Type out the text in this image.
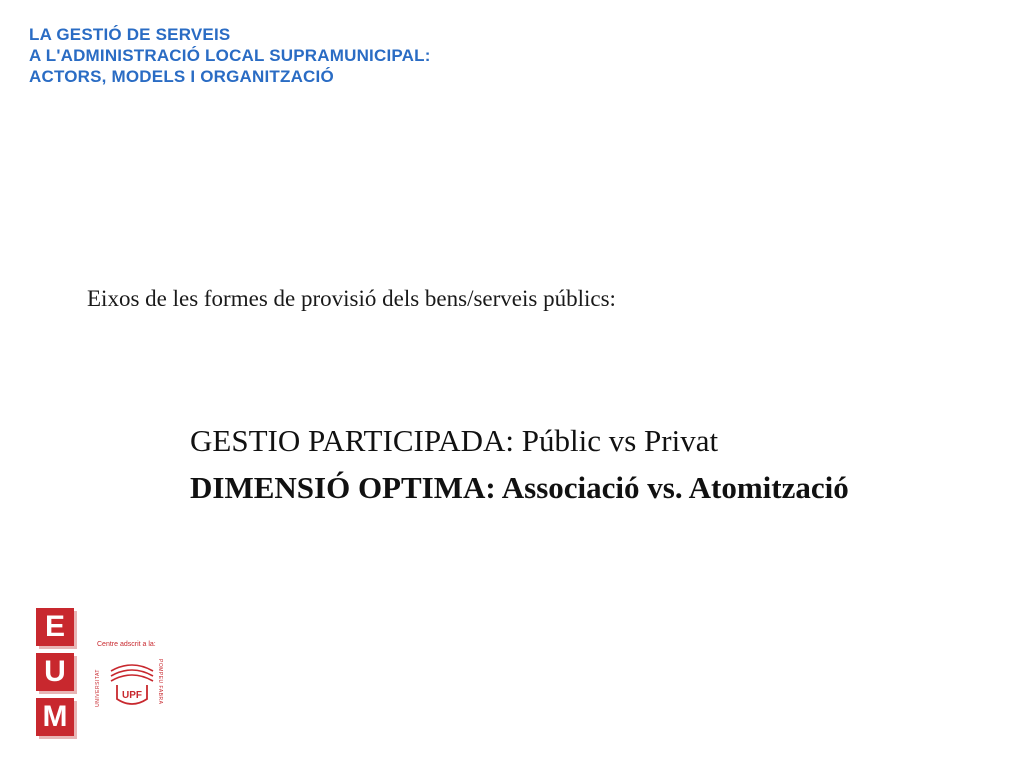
LA GESTIÓ DE SERVEIS
A L'ADMINISTRACIÓ LOCAL SUPRAMUNICIPAL:
ACTORS, MODELS I ORGANITZACIÓ
Eixos de les formes de provisió dels bens/serveis públics:
GESTIO PARTICIPADA: Públic vs Privat
DIMENSIÓ OPTIMA: Associació vs. Atomització
E
U
M
Centre adscrit a la:
UNIVERSITAT	POMPEU FABRA
UPF
